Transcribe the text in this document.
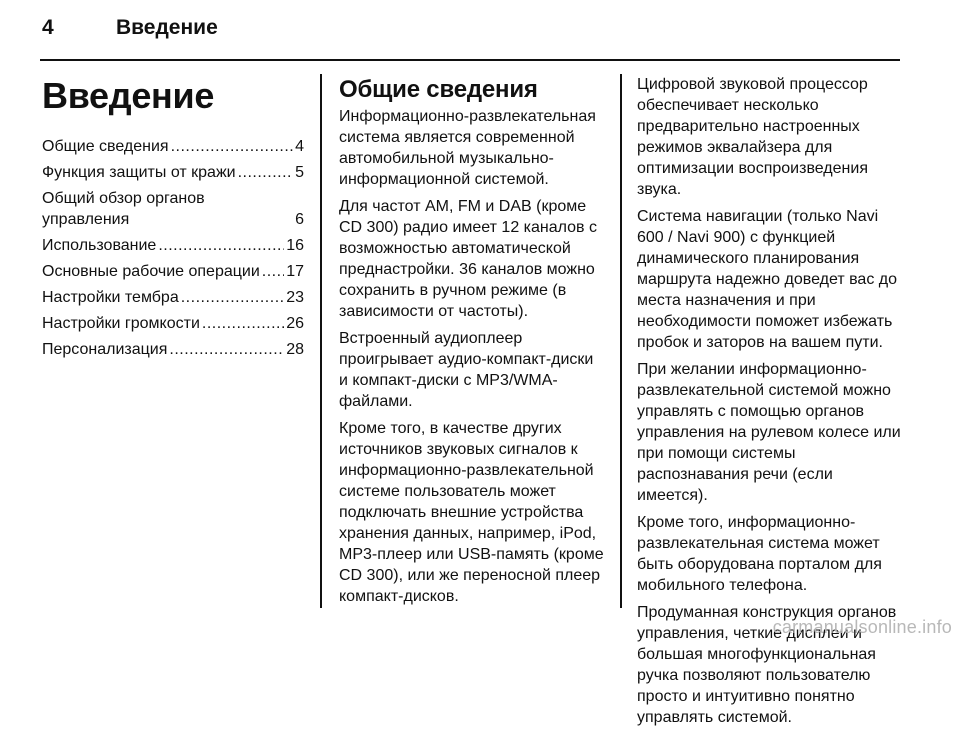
4	Введение
Введение
Общие сведения .....	4
Функция защиты от кражи .....	5
Общий обзор органов управления	6
Использование .....	16
Основные рабочие операции ..... 17
Настройки тембра .....	23
Настройки громкости .....	26
Персонализация .....	28
Общие сведения

Информационно-развлекательная система является современной автомобильной музыкально-информационной системой.

Для частот AM, FM и DAB (кроме CD 300) радио имеет 12 каналов с возможностью автоматической преднастройки. 36 каналов можно сохранить в ручном режиме (в зависимости от частоты).

Встроенный аудиоплеер проигрывает аудио-компакт-диски и компакт-диски с MP3/WMA-файлами.

Кроме того, в качестве других источников звуковых сигналов к информационно-развлекательной системе пользователь может подключать внешние устройства хранения данных, например, iPod, MP3-плеер или USB-память (кроме CD 300), или же переносной плеер компакт-дисков.

Цифровой звуковой процессор обеспечивает несколько предварительно настроенных режимов эквалайзера для оптимизации воспроизведения звука.

Система навигации (только Navi 600 / Navi 900) с функцией динамического планирования маршрута надежно доведет вас до места назначения и при необходимости поможет избежать пробок и заторов на вашем пути.

При желании информационно-развлекательной системой можно управлять с помощью органов управления на рулевом колесе или при помощи системы распознавания речи (если имеется).

Кроме того, информационно-развлекательная система может быть оборудована порталом для мобильного телефона.

Продуманная конструкция органов управления, четкие дисплеи и большая многофункциональная ручка позволяют пользователю просто и интуитивно понятно управлять системой.

carmanualsonline.info
